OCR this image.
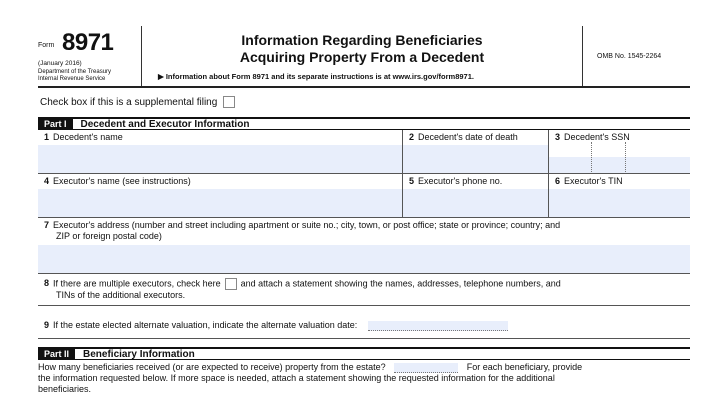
Form 8971
(January 2016)
Department of the Treasury
Internal Revenue Service
Information Regarding Beneficiaries
Acquiring Property From a Decedent
▶ Information about Form 8971 and its separate instructions is at www.irs.gov/form8971.
OMB No. 1545-2264
Check box if this is a supplemental filing
Part I	Decedent and Executor Information
1 Decedent's name	2 Decedent's date of death	3 Decedent's SSN
4 Executor's name (see instructions)	5 Executor's phone no.	6 Executor's TIN
7 Executor's address (number and street including apartment or suite no.; city, town, or post office; state or province; country; and
ZIP or foreign postal code)
8 If there are multiple executors, check here and attach a statement showing the names, addresses, telephone numbers, and
TINs of the additional executors.
9 If the estate elected alternate valuation, indicate the alternate valuation date:
Part II	Beneficiary Information
How many beneficiaries received (or are expected to receive) property from the estate?	For each beneficiary, provide
the information requested below. If more space is needed, attach a statement showing the requested information for the additional
beneficiaries.
